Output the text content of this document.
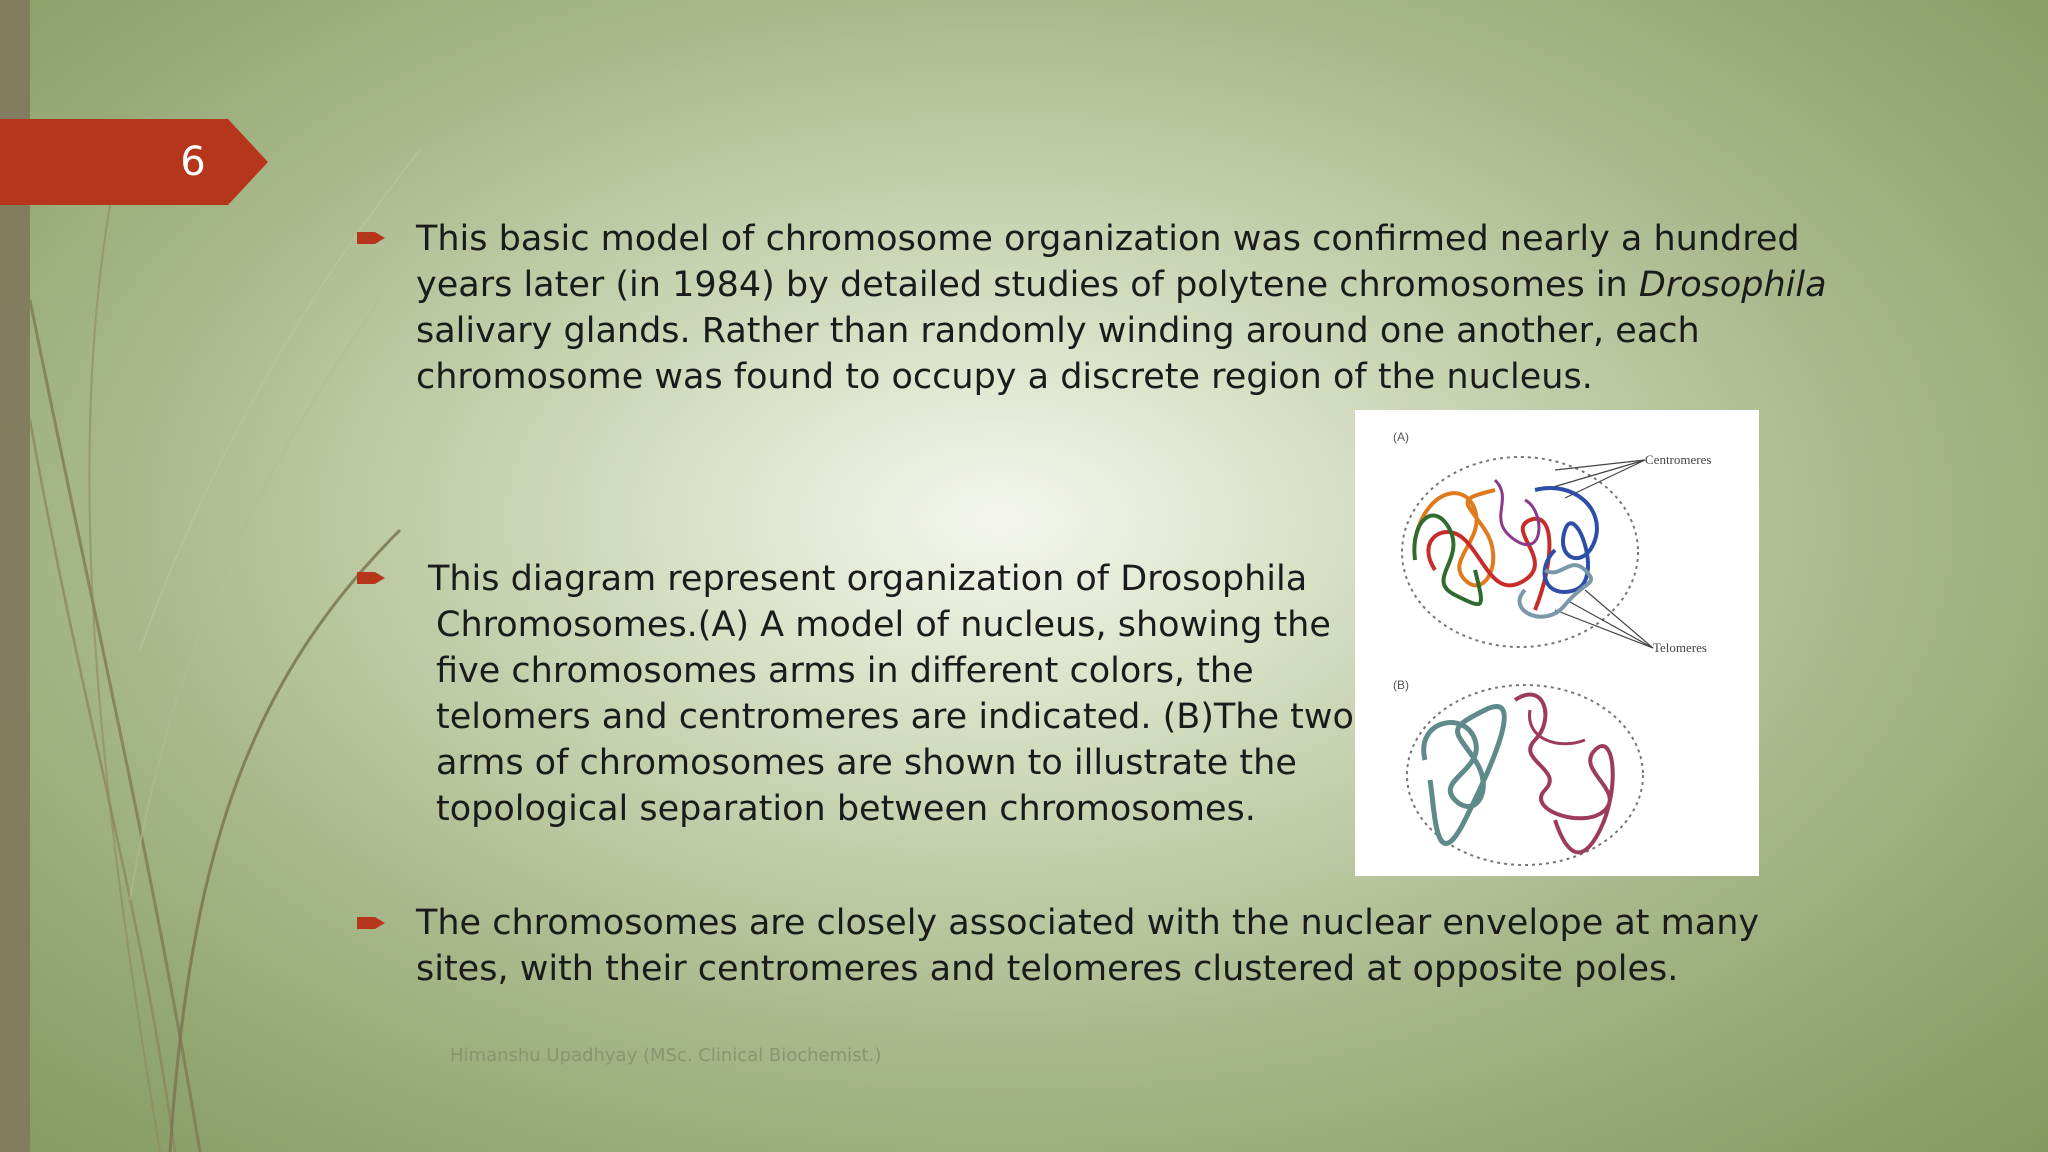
6
This basic model of chromosome organization was confirmed nearly a hundred
years later (in 1984) by detailed studies of polytene chromosomes in Drosophila
salivary glands. Rather than randomly winding around one another, each
chromosome was found to occupy a discrete region of the nucleus.
This diagram represent organization of Drosophila
Chromosomes.(A) A model of nucleus, showing the
five chromosomes arms in different colors, the
telomers and centromeres are indicated. (B)The two
arms of chromosomes are shown to illustrate the
topological separation between chromosomes.
The chromosomes are closely associated with the nuclear envelope at many
sites, with their centromeres and telomeres clustered at opposite poles.
(A)
Centromeres
Telomeres
(B)
Himanshu Upadhyay (MSc. Clinical Biochemist.)
